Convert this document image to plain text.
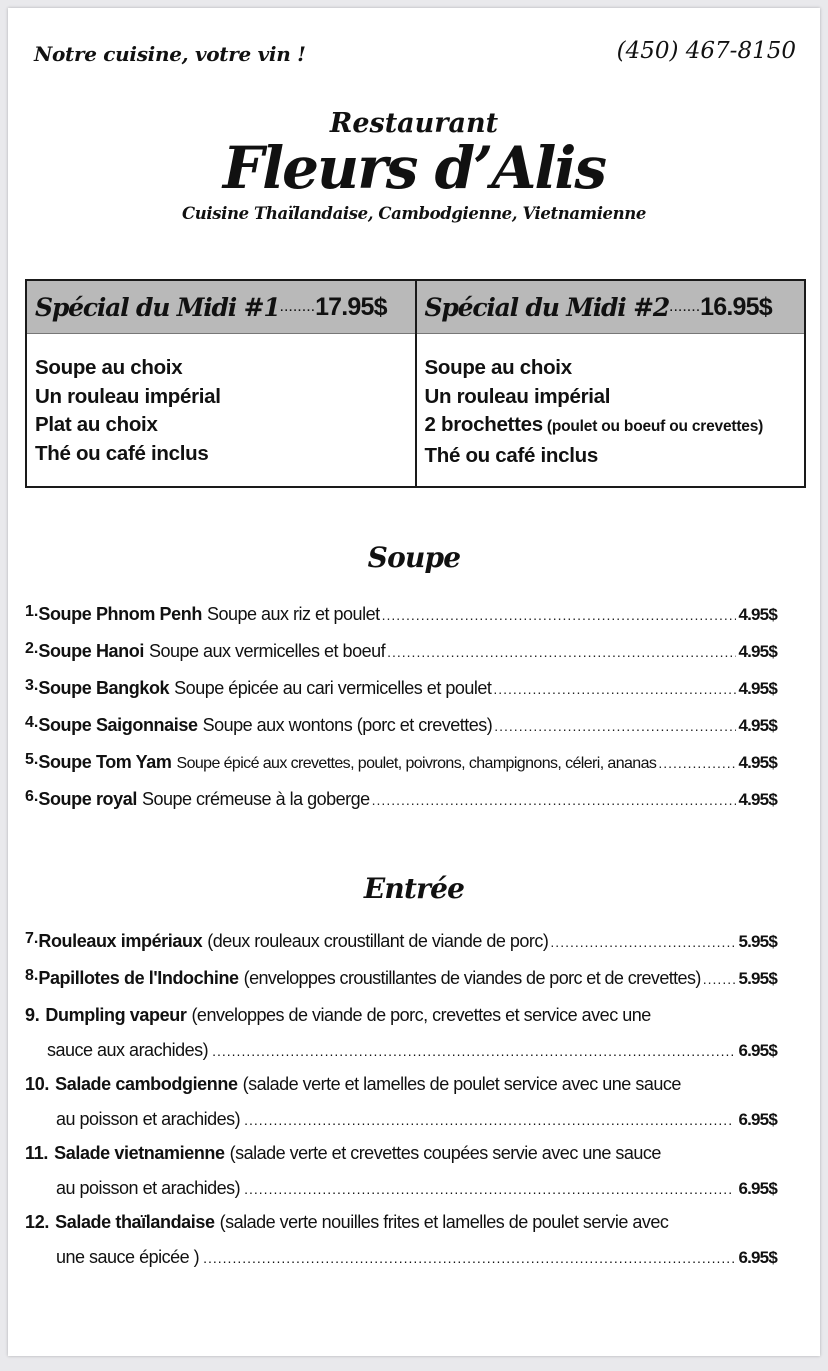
Notre cuisine, votre vin !	(450) 467-8150
Restaurant
Fleurs d’Alis
Cuisine Thaïlandaise, Cambodgienne, Vietnamienne
Spécial du Midi #1 ........ 17.95$
Soupe au choix
Un rouleau impérial
Plat au choix
Thé ou café inclus
Spécial du Midi #2 ....... 16.95$
Soupe au choix
Un rouleau impérial
2 brochettes (poulet ou boeuf ou crevettes)
Thé ou café inclus
Soupe
1. Soupe Phnom Penh Soupe aux riz et poulet .....	4.95$
2. Soupe Hanoi Soupe aux vermicelles et boeuf .....	4.95$
3. Soupe Bangkok Soupe épicée au cari vermicelles et poulet .....	4.95$
4. Soupe Saigonnaise Soupe aux wontons (porc et crevettes) .....	4.95$
5. Soupe Tom Yam Soupe épicé aux crevettes, poulet, poivrons, champignons, céleri, ananas .....	4.95$
6. Soupe royal Soupe crémeuse à la goberge .....	4.95$
Entrée
7. Rouleaux impériaux (deux rouleaux croustillant de viande de porc) .....	5.95$
8. Papillotes de l'Indochine (enveloppes croustillantes de viandes de porc et de crevettes) ..... 5.95$
9. Dumpling vapeur (enveloppes de viande de porc, crevettes et service avec une
sauce aux arachides) .....	6.95$
10. Salade cambodgienne (salade verte et lamelles de poulet service avec une sauce
au poisson et arachides) .....	6.95$
11. Salade vietnamienne (salade verte et crevettes coupées servie avec une sauce
au poisson et arachides) .....	6.95$
12. Salade thaïlandaise (salade verte nouilles frites et lamelles de poulet servie avec
une sauce épicée ) .....	6.95$
